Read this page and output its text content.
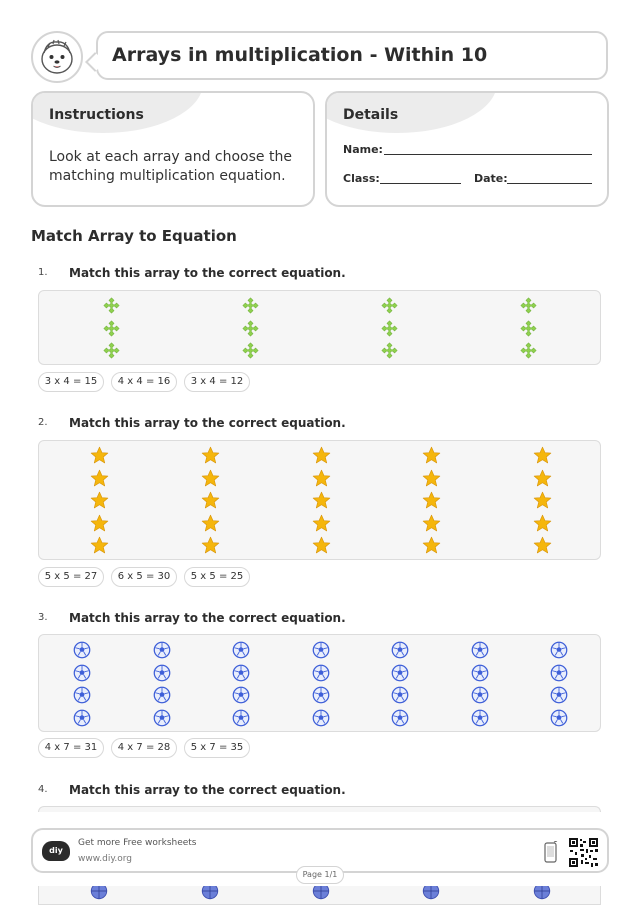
Arrays in multiplication - Within 10
Instructions
Look at each array and choose the matching multiplication equation.
Details
Name:
Class:	Date:
Match Array to Equation
1. Match this array to the correct equation.
3 x 4 = 15	4 x 4 = 16	3 x 4 = 12
2. Match this array to the correct equation.
5 x 5 = 27	6 x 5 = 30	5 x 5 = 25
3. Match this array to the correct equation.
4 x 7 = 31	4 x 7 = 28	5 x 7 = 35
4. Match this array to the correct equation.
diy
Get more Free worksheets
www.diy.org
Page 1/1
